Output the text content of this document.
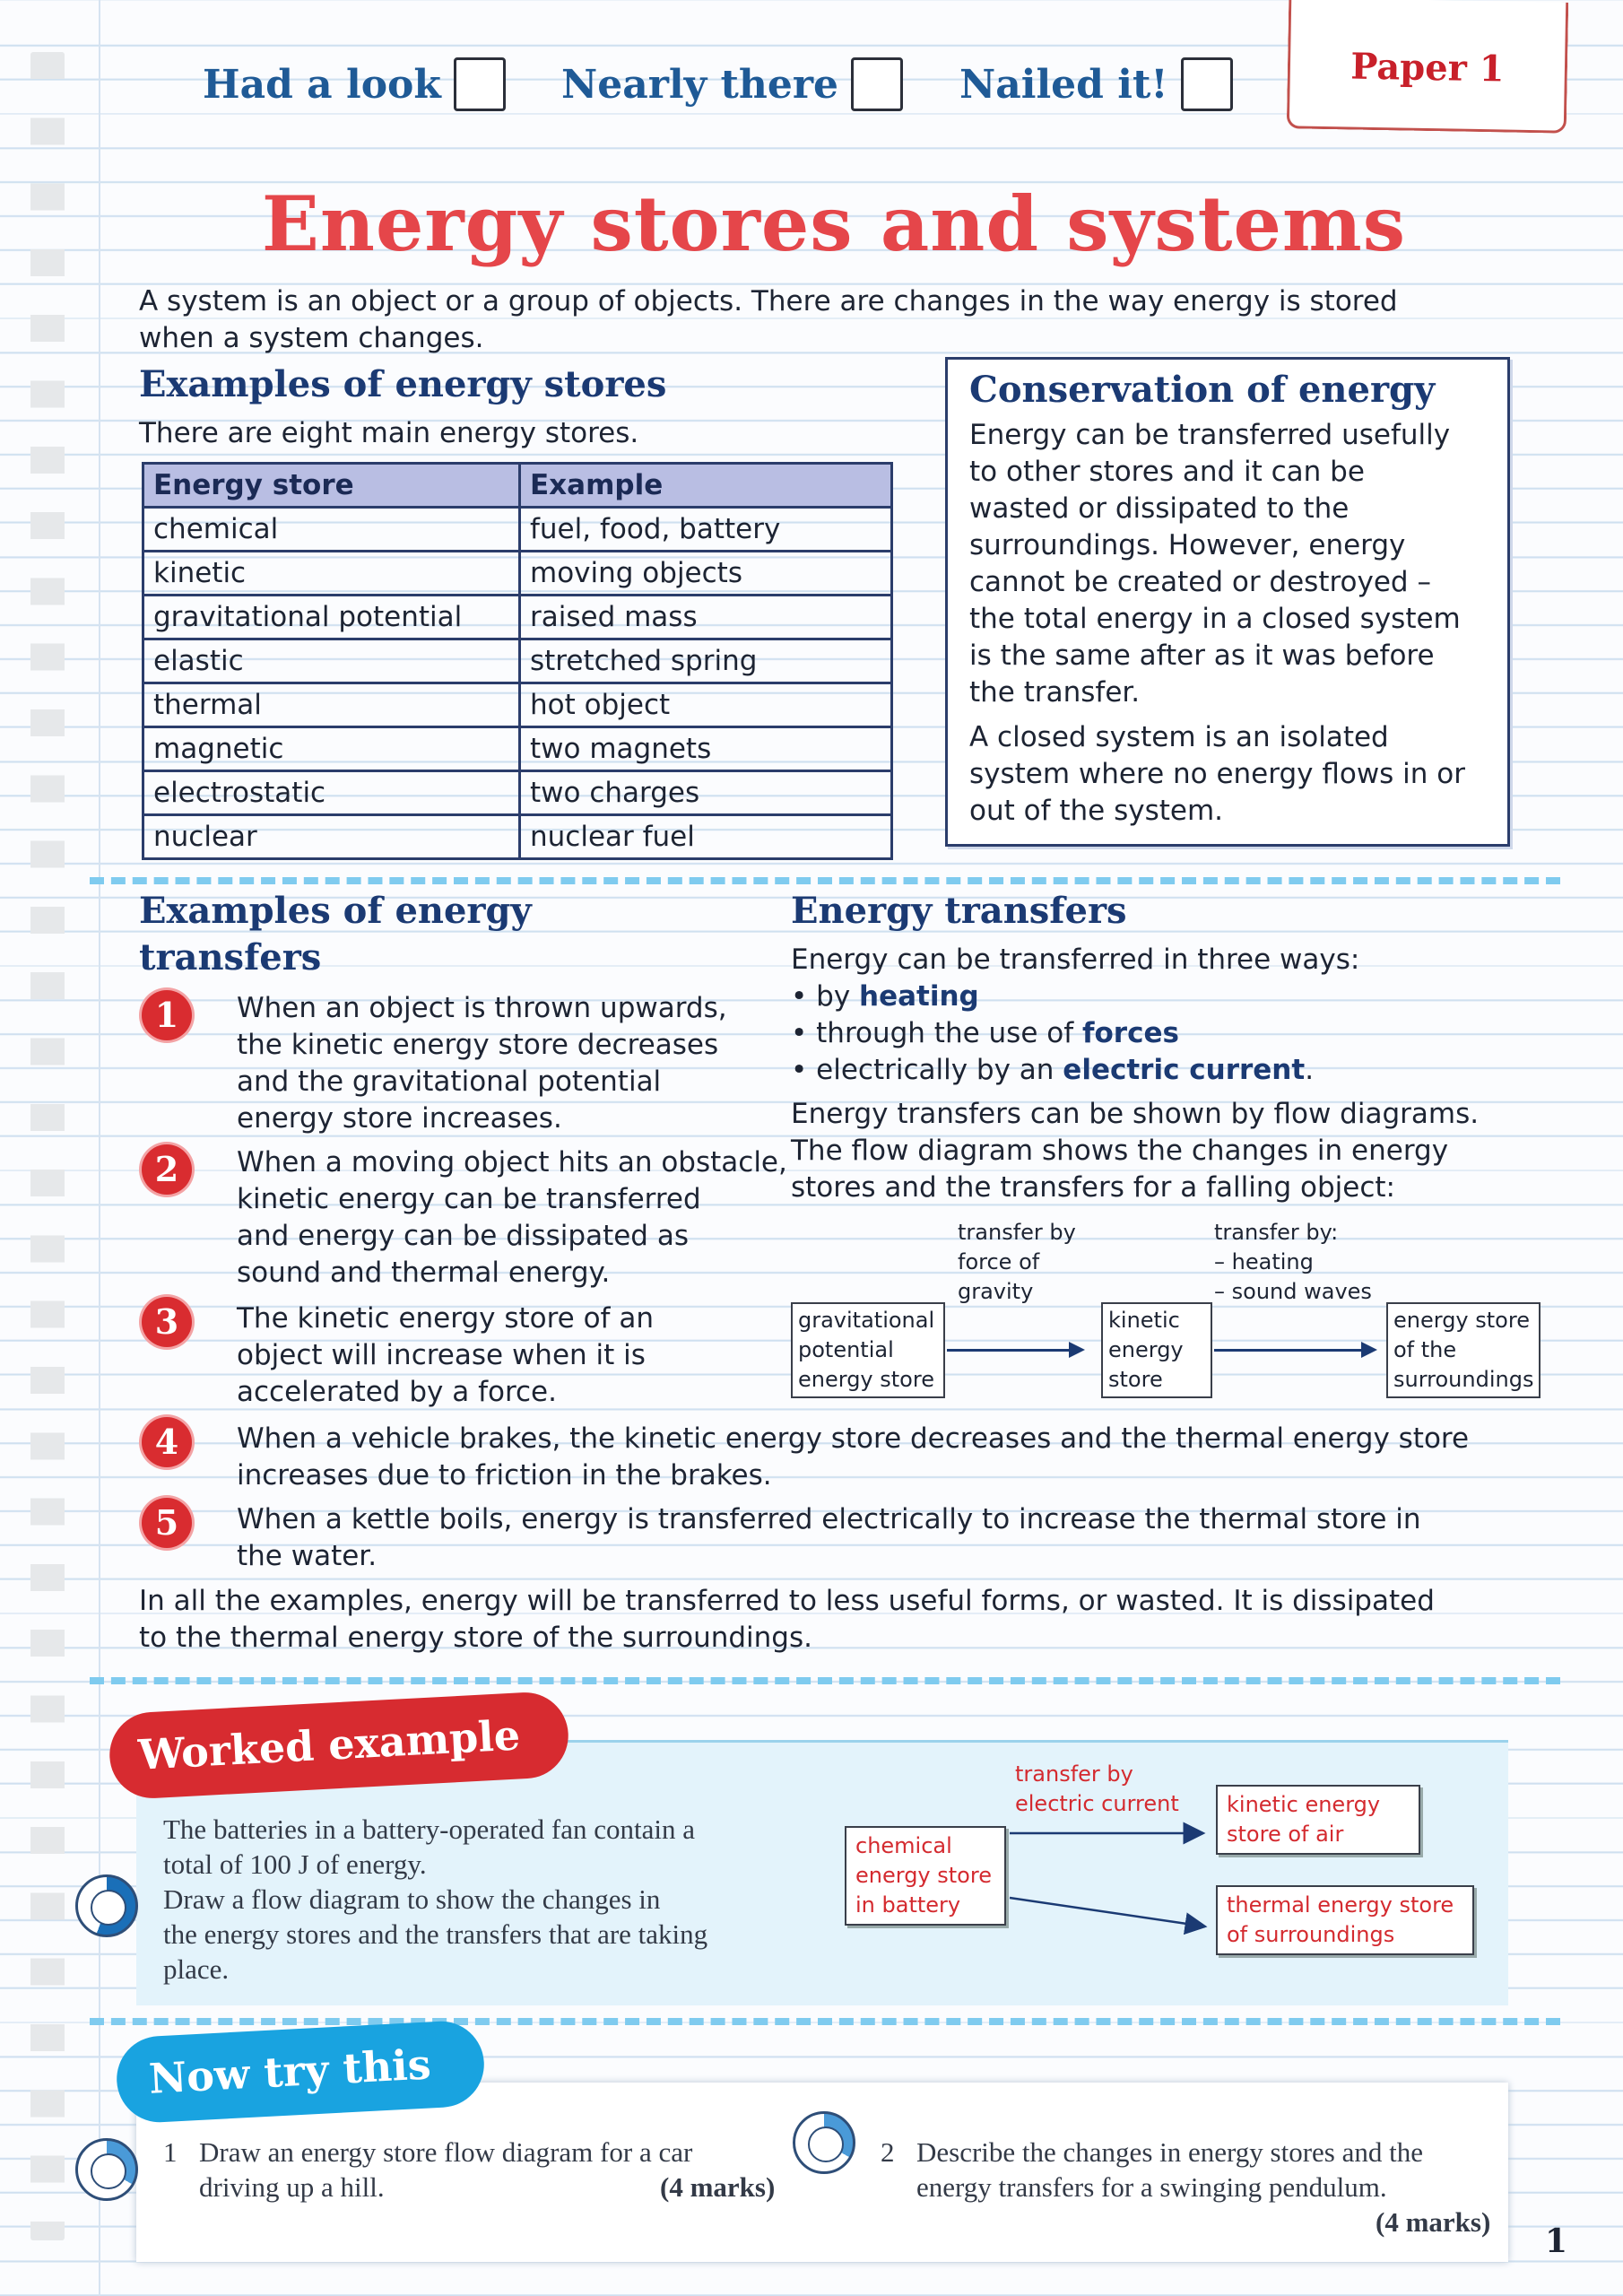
Had a look	Nearly there	Nailed it!	Paper 1
Energy stores and systems
A system is an object or a group of objects. There are changes in the way energy is stored
when a system changes.
Examples of energy stores
There are eight main energy stores.
Energy store	Example
chemical	fuel, food, battery
kinetic	moving objects
gravitational potential	raised mass
elastic	stretched spring
thermal	hot object
magnetic	two magnets
electrostatic	two charges
nuclear	nuclear fuel
Conservation of energy
Energy can be transferred usefully
to other stores and it can be
wasted or dissipated to the
surroundings. However, energy
cannot be created or destroyed –
the total energy in a closed system
is the same after as it was before
the transfer.
A closed system is an isolated
system where no energy flows in or
out of the system.
Examples of energy
transfers
1	When an object is thrown upwards,
the kinetic energy store decreases
and the gravitational potential
energy store increases.
2	When a moving object hits an obstacle,
kinetic energy can be transferred
and energy can be dissipated as
sound and thermal energy.
3	The kinetic energy store of an
object will increase when it is
accelerated by a force.
4	When a vehicle brakes, the kinetic energy store decreases and the thermal energy store
increases due to friction in the brakes.
5	When a kettle boils, energy is transferred electrically to increase the thermal store in
the water.
In all the examples, energy will be transferred to less useful forms, or wasted. It is dissipated
to the thermal energy store of the surroundings.
Energy transfers
Energy can be transferred in three ways:
• by heating
• through the use of forces
• electrically by an electric current.
Energy transfers can be shown by flow diagrams.
The flow diagram shows the changes in energy
stores and the transfers for a falling object:
transfer by
force of
gravity
transfer by:
– heating
– sound waves
gravitational
potential
energy store
kinetic
energy
store
energy store
of the
surroundings
Worked example
The batteries in a battery-operated fan contain a
total of 100 J of energy.
Draw a flow diagram to show the changes in
the energy stores and the transfers that are taking
place.
transfer by
electric current
chemical
energy store
in battery
kinetic energy
store of air
thermal energy store
of surroundings
Now try this
1 Draw an energy store flow diagram for a car
driving up a hill.	(4 marks)
2 Describe the changes in energy stores and the
energy transfers for a swinging pendulum.
(4 marks)
1
